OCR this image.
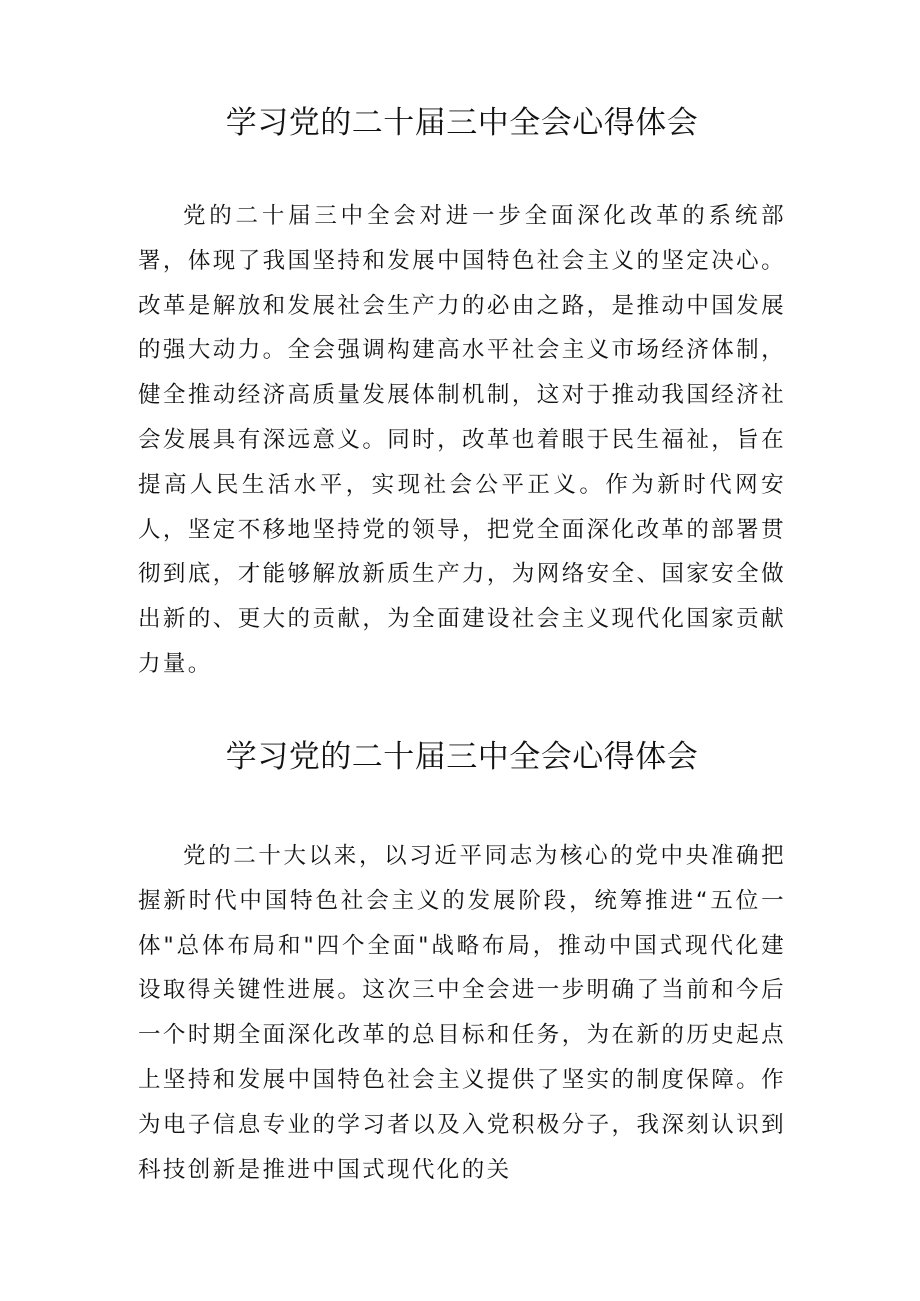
学习党的二十届三中全会心得体会

党的二十届三中全会对进一步全面深化改革的系统部署，体现了我国坚持和发展中国特色社会主义的坚定决心。改革是解放和发展社会生产力的必由之路，是推动中国发展的强大动力。全会强调构建高水平社会主义市场经济体制，健全推动经济高质量发展体制机制，这对于推动我国经济社会发展具有深远意义。同时，改革也着眼于民生福祉，旨在提高人民生活水平，实现社会公平正义。作为新时代网安人，坚定不移地坚持党的领导，把党全面深化改革的部署贯彻到底，才能够解放新质生产力，为网络安全、国家安全做出新的、更大的贡献，为全面建设社会主义现代化国家贡献力量。

学习党的二十届三中全会心得体会

党的二十大以来，以习近平同志为核心的党中央准确把握新时代中国特色社会主义的发展阶段，统筹推进“五位一体"总体布局和"四个全面"战略布局，推动中国式现代化建设取得关键性进展。这次三中全会进一步明确了当前和今后一个时期全面深化改革的总目标和任务，为在新的历史起点上坚持和发展中国特色社会主义提供了坚实的制度保障。作为电子信息专业的学习者以及入党积极分子，我深刻认识到科技创新是推进中国式现代化的关
